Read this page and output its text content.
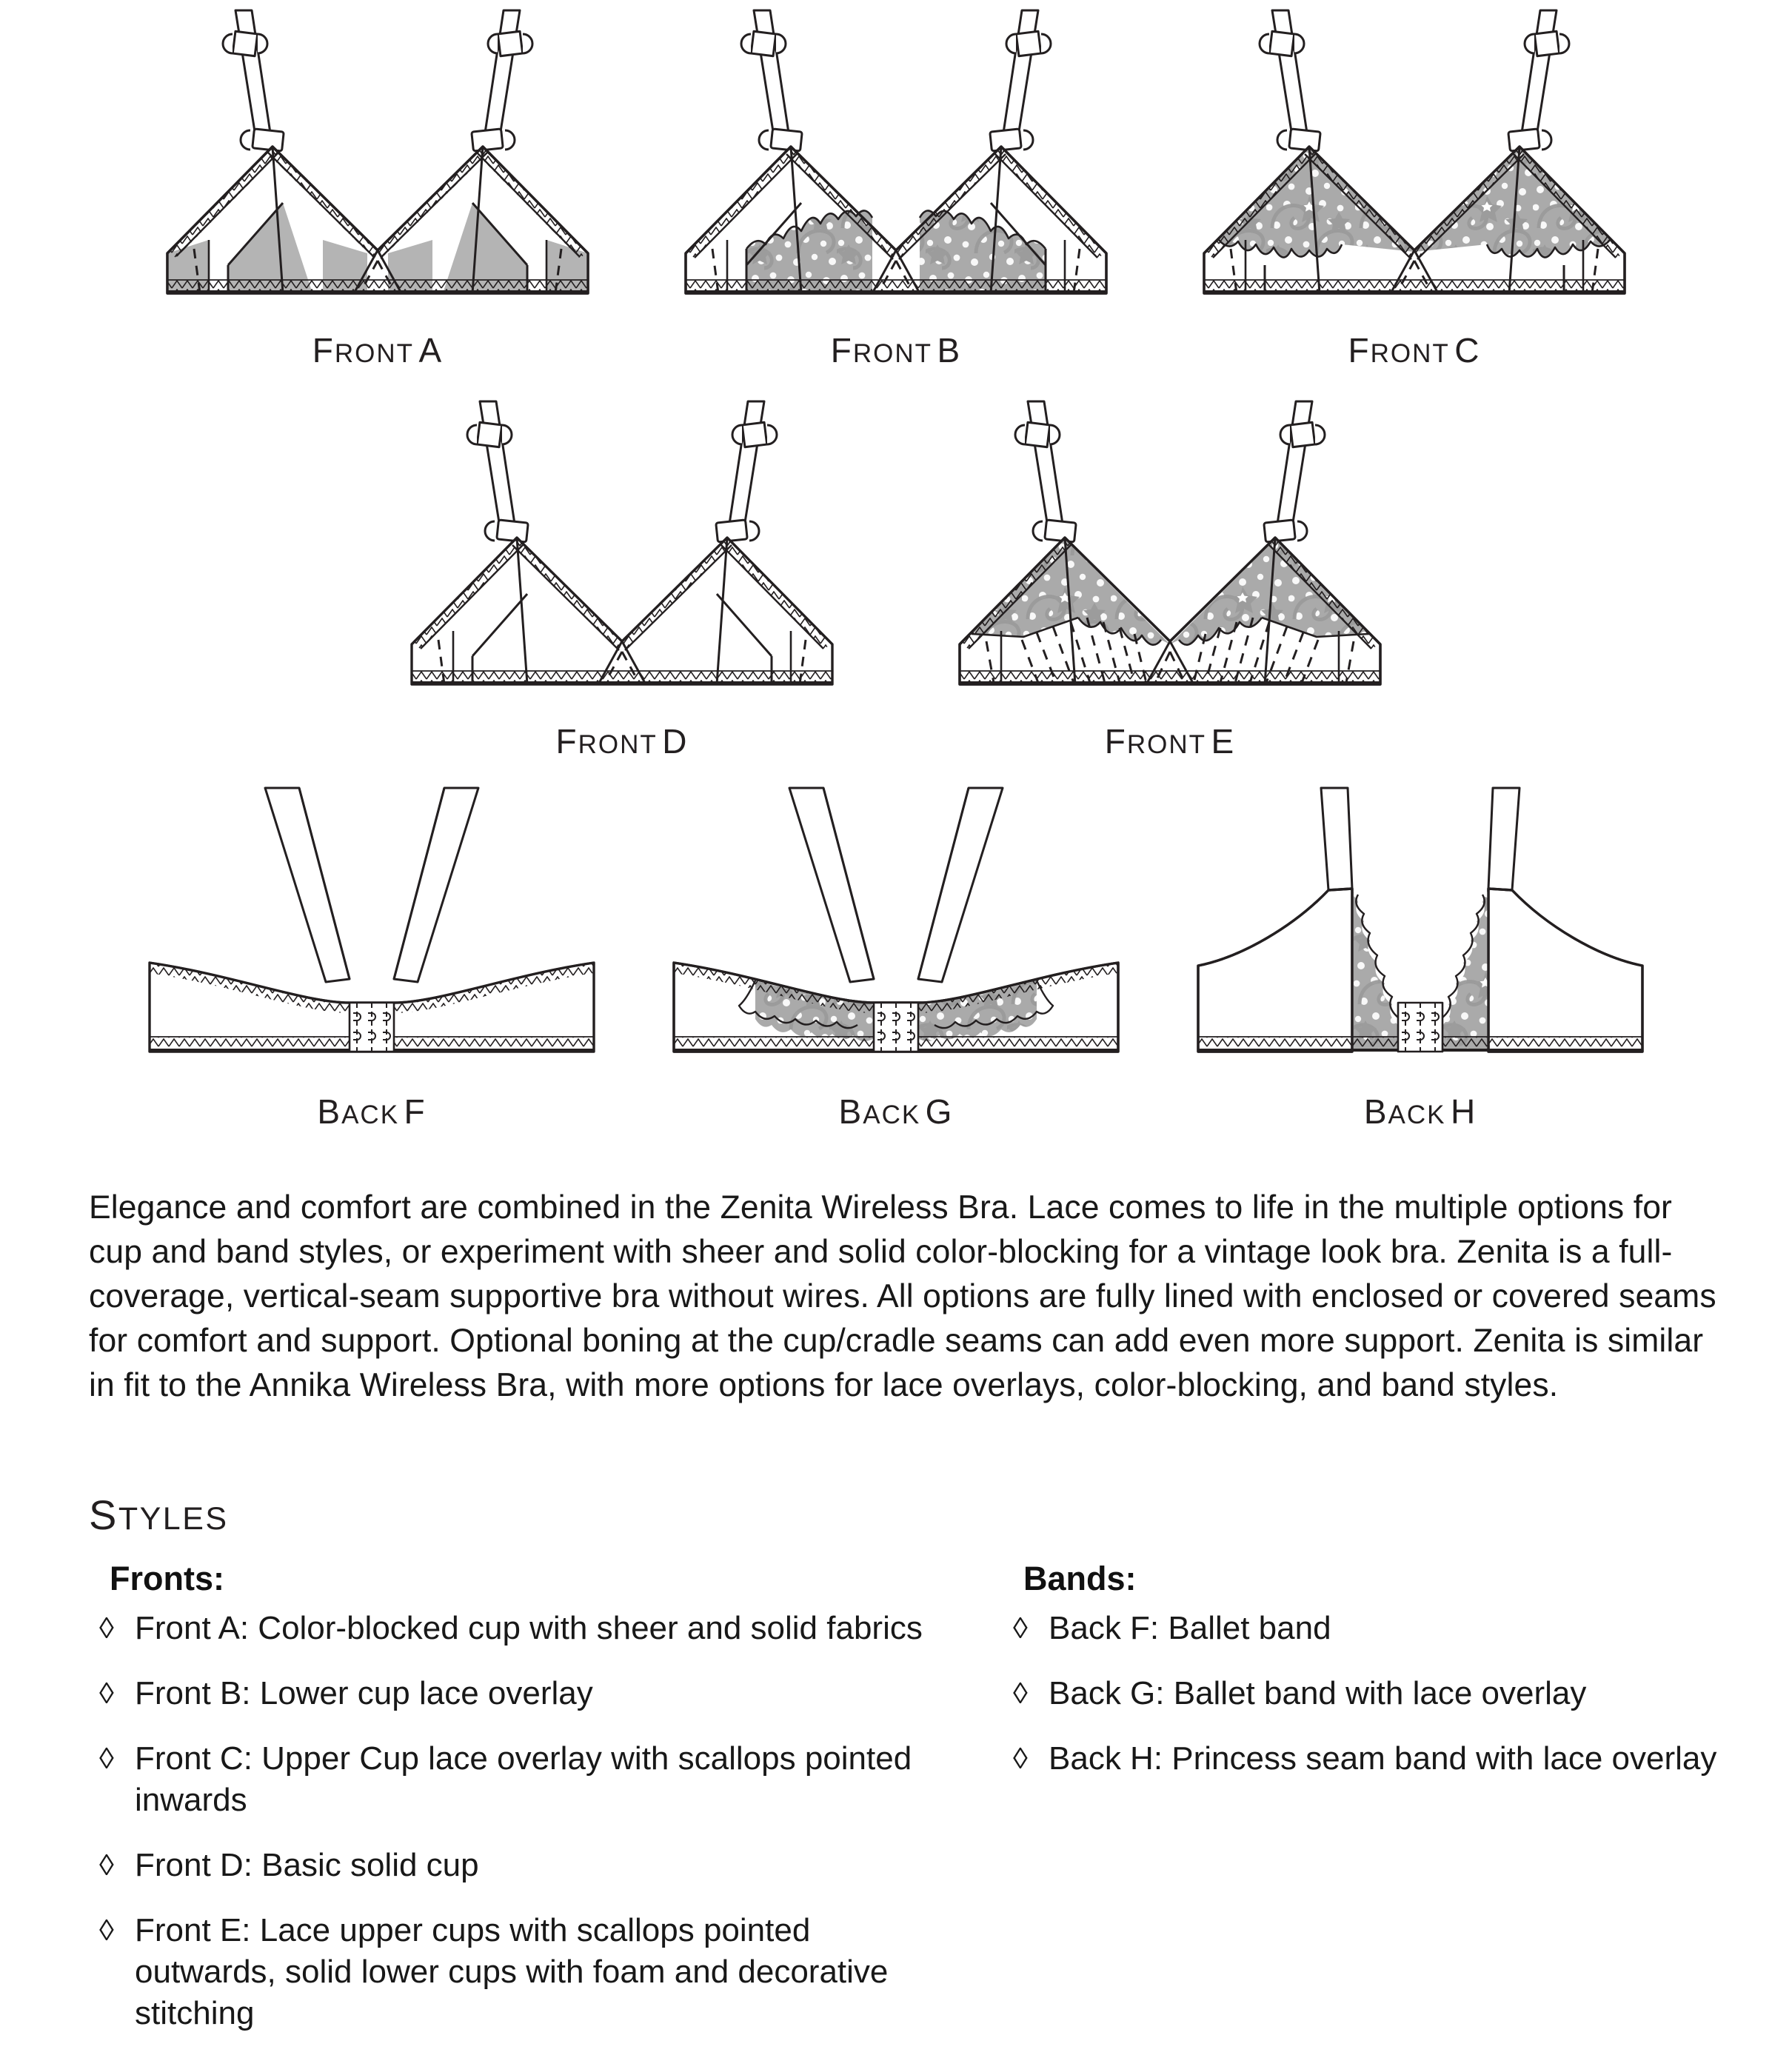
FRONT A	FRONT B	FRONT C
FRONT D	FRONT E
BACK F	BACK G	BACK H

Elegance and comfort are combined in the Zenita Wireless Bra. Lace comes to life in the multiple options for cup and band styles, or experiment with sheer and solid color-blocking for a vintage look bra. Zenita is a full-coverage, vertical-seam supportive bra without wires. All options are fully lined with enclosed or covered seams for comfort and support. Optional boning at the cup/cradle seams can add even more support. Zenita is similar in fit to the Annika Wireless Bra, with more options for lace overlays, color-blocking, and band styles.

STYLES
Fronts:
◊ Front A: Color-blocked cup with sheer and solid fabrics
◊ Front B: Lower cup lace overlay
◊ Front C: Upper Cup lace overlay with scallops pointed inwards
◊ Front D: Basic solid cup
◊ Front E: Lace upper cups with scallops pointed outwards, solid lower cups with foam and decorative stitching
Bands:
◊ Back F: Ballet band
◊ Back G: Ballet band with lace overlay
◊ Back H: Princess seam band with lace overlay
